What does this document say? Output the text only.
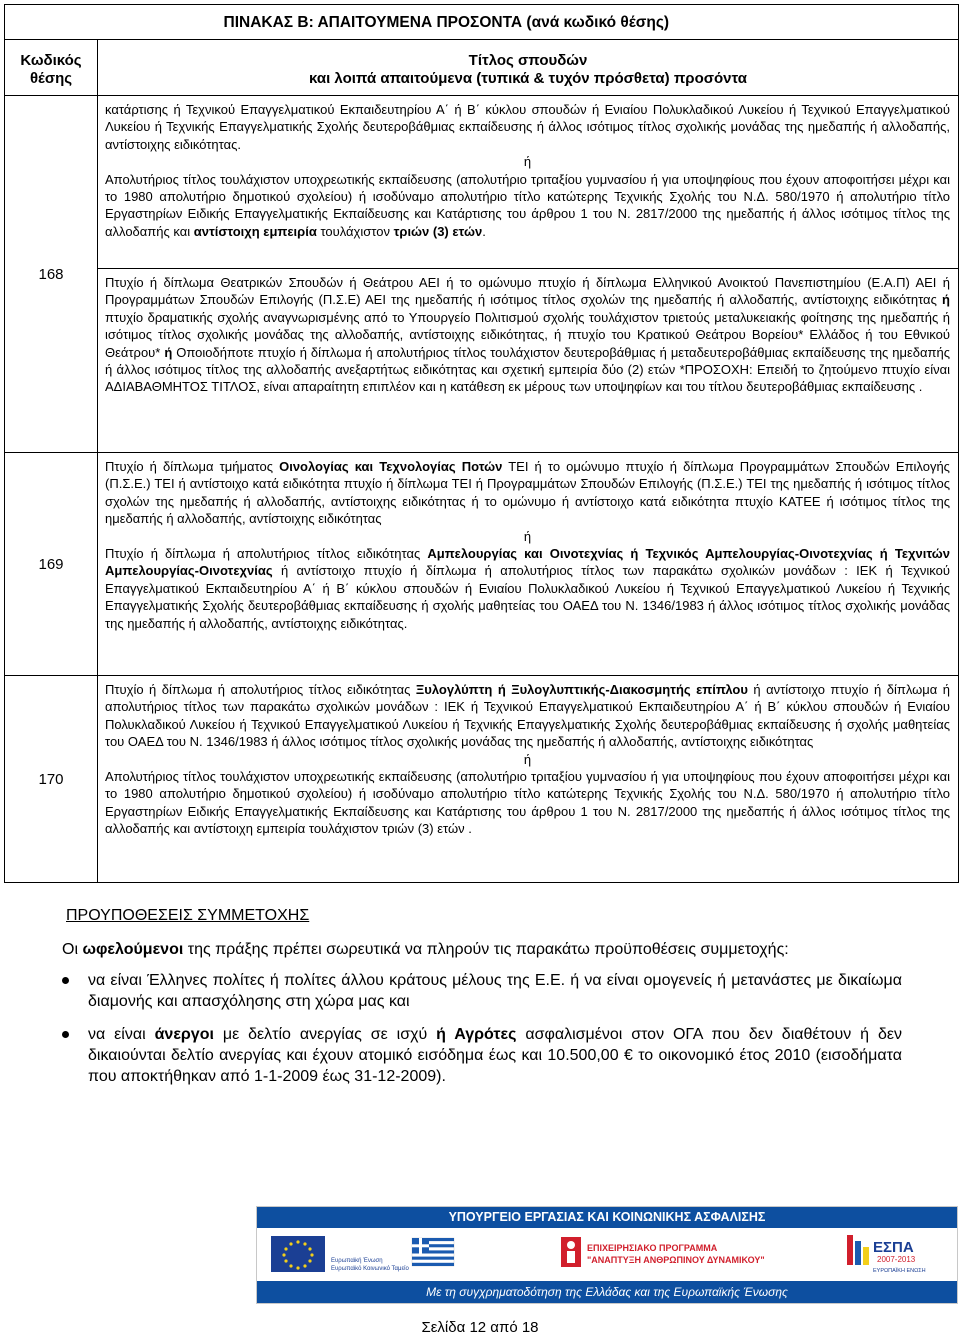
	ΠΙΝΑΚΑΣ Β: ΑΠΑΙΤΟΥΜΕΝΑ ΠΡΟΣΟΝΤΑ (ανά κωδικό θέσης)
Κωδικός
θέσης	Τίτλος σπουδών
και λοιπά απαιτούμενα (τυπικά & τυχόν πρόσθετα) προσόντα
168	κατάρτισης ή Τεχνικού Επαγγελματικού Εκπαιδευτηρίου Α΄ ή Β΄ κύκλου σπουδών ή Ενιαίου Πολυκλαδικού Λυκείου ή Τεχνικού Επαγγελματικού Λυκείου ή Τεχνικής Επαγγελματικής Σχολής δευτεροβάθμιας εκπαίδευσης ή άλλος ισότιμος τίτλος σχολικής μονάδας της ημεδαπής ή αλλοδαπής, αντίστοιχης ειδικότητας.

ή

Απολυτήριος τίτλος τουλάχιστον υποχρεωτικής εκπαίδευσης (απολυτήριο τριταξίου γυμνασίου ή για υποψηφίους που έχουν αποφοιτήσει μέχρι και το 1980 απολυτήριο δημοτικού σχολείου) ή ισοδύναμο απολυτήριο τίτλο κατώτερης Τεχνικής Σχολής του Ν.Δ. 580/1970 ή απολυτήριο τίτλο Εργαστηρίων Ειδικής Επαγγελματικής Εκπαίδευσης και Κατάρτισης του άρθρου 1 του Ν. 2817/2000 της ημεδαπής ή άλλος ισότιμος τίτλος της αλλοδαπής και αντίστοιχη εμπειρία τουλάχιστον τριών (3) ετών.

	Πτυχίο ή δίπλωμα Θεατρικών Σπουδών ή Θεάτρου ΑΕΙ ή το ομώνυμο πτυχίο ή δίπλωμα Ελληνικού Ανοικτού Πανεπιστημίου (Ε.Α.Π) ΑΕΙ ή Προγραμμάτων Σπουδών Επιλογής (Π.Σ.Ε) ΑΕΙ της ημεδαπής ή ισότιμος τίτλος σχολών της ημεδαπής ή αλλοδαπής, αντίστοιχης ειδικότητας ή πτυχίο δραματικής σχολής αναγνωρισμένης από το Υπουργείο Πολιτισμού σχολής τουλάχιστον τριετούς μεταλυκειακής φοίτησης της ημεδαπής ή ισότιμος τίτλος σχολικής μονάδας της αλλοδαπής, αντίστοιχης ειδικότητας, ή πτυχίο του Κρατικού Θεάτρου Βορείου* Ελλάδος ή του Εθνικού Θεάτρου* ή Οποιοδήποτε πτυχίο ή δίπλωμα ή απολυτήριος τίτλος τουλάχιστον δευτεροβάθμιας ή μεταδευτεροβάθμιας εκπαίδευσης της ημεδαπής ή άλλος ισότιμος τίτλος της αλλοδαπής ανεξαρτήτως ειδικότητας και σχετική εμπειρία δύο (2) ετών *ΠΡΟΣΟΧΗ: Επειδή το ζητούμενο πτυχίο είναι ΑΔΙΑΒΑΘΜΗΤΟΣ ΤΙΤΛΟΣ, είναι απαραίτητη επιπλέον και η κατάθεση εκ μέρους των υποψηφίων και του τίτλου δευτεροβάθμιας εκπαίδευσης .

169	Πτυχίο ή δίπλωμα τμήματος Οινολογίας και Τεχνολογίας Ποτών ΤΕΙ ή το ομώνυμο πτυχίο ή δίπλωμα Προγραμμάτων Σπουδών Επιλογής (Π.Σ.Ε.) ΤΕΙ ή αντίστοιχο κατά ειδικότητα πτυχίο ή δίπλωμα ΤΕΙ ή Προγραμμάτων Σπουδών Επιλογής (Π.Σ.Ε.) ΤΕΙ της ημεδαπής ή ισότιμος τίτλος σχολών της ημεδαπής ή αλλοδαπής, αντίστοιχης ειδικότητας ή το ομώνυμο ή αντίστοιχο κατά ειδικότητα πτυχίο ΚΑΤΕΕ ή ισότιμος τίτλος της ημεδαπής ή αλλοδαπής, αντίστοιχης ειδικότητας

ή

Πτυχίο ή δίπλωμα ή απολυτήριος τίτλος ειδικότητας Αμπελουργίας και Οινοτεχνίας ή Τεχνικός Αμπελουργίας-Οινοτεχνίας ή Τεχνιτών Αμπελουργίας-Οινοτεχνίας ή αντίστοιχο πτυχίο ή δίπλωμα ή απολυτήριος τίτλος των παρακάτω σχολικών μονάδων : ΙΕΚ ή Τεχνικού Επαγγελματικού Εκπαιδευτηρίου Α΄ ή Β΄ κύκλου σπουδών ή Ενιαίου Πολυκλαδικού Λυκείου ή Τεχνικού Επαγγελματικού Λυκείου ή Τεχνικής Επαγγελματικής Σχολής δευτεροβάθμιας εκπαίδευσης ή σχολής μαθητείας του ΟΑΕΔ του Ν. 1346/1983 ή άλλος ισότιμος τίτλος σχολικής μονάδας της ημεδαπής ή αλλοδαπής, αντίστοιχης ειδικότητας.

170	Πτυχίο ή δίπλωμα ή απολυτήριος τίτλος ειδικότητας Ξυλογλύπτη ή Ξυλογλυπτικής-Διακοσμητής επίπλου ή αντίστοιχο πτυχίο ή δίπλωμα ή απολυτήριος τίτλος των παρακάτω σχολικών μονάδων : ΙΕΚ ή Τεχνικού Επαγγελματικού Εκπαιδευτηρίου Α΄ ή Β΄ κύκλου σπουδών ή Ενιαίου Πολυκλαδικού Λυκείου ή Τεχνικού Επαγγελματικού Λυκείου ή Τεχνικής Επαγγελματικής Σχολής δευτεροβάθμιας εκπαίδευσης ή σχολής μαθητείας του ΟΑΕΔ του Ν. 1346/1983 ή άλλος ισότιμος τίτλος σχολικής μονάδας της ημεδαπής ή αλλοδαπής, αντίστοιχης ειδικότητας

ή

Απολυτήριος τίτλος τουλάχιστον υποχρεωτικής εκπαίδευσης (απολυτήριο τριταξίου γυμνασίου ή για υποψηφίους που έχουν αποφοιτήσει μέχρι και το 1980 απολυτήριο δημοτικού σχολείου) ή ισοδύναμο απολυτήριο τίτλο κατώτερης Τεχνικής Σχολής του Ν.Δ. 580/1970 ή απολυτήριο τίτλο Εργαστηρίων Ειδικής Επαγγελματικής Εκπαίδευσης και Κατάρτισης του άρθρου 1 του Ν. 2817/2000 της ημεδαπής ή άλλος ισότιμος τίτλος της αλλοδαπής και αντίστοιχη εμπειρία τουλάχιστον τριών (3) ετών .

ΠΡΟΥΠΟΘΕΣΕΙΣ ΣΥΜΜΕΤΟΧΗΣ

Οι ωφελούμενοι της πράξης πρέπει σωρευτικά να πληρούν τις παρακάτω προϋποθέσεις συμμετοχής:

να είναι Έλληνες πολίτες ή πολίτες άλλου κράτους μέλους της Ε.Ε. ή να είναι ομογενείς ή μετανάστες με δικαίωμα διαμονής και απασχόλησης στη χώρα μας και
να είναι άνεργοι με δελτίο ανεργίας σε ισχύ ή Αγρότες ασφαλισμένοι στον ΟΓΑ που δεν διαθέτουν ή δεν δικαιούνται δελτίο ανεργίας και έχουν ατομικό εισόδημα έως και 10.500,00 € το οικονομικό έτος 2010 (εισοδήματα που αποκτήθηκαν από 1-1-2009 έως 31-12-2009).
ΥΠΟΥΡΓΕΙΟ ΕΡΓΑΣΙΑΣ ΚΑΙ ΚΟΙΝΩΝΙΚΗΣ ΑΣΦΑΛΙΣΗΣ
Ευρωπαϊκή Ένωση
Ευρωπαϊκό Κοινωνικό Ταμείο
ΕΠΙΧΕΙΡΗΣΙΑΚΟ ΠΡΟΓΡΑΜΜΑ
"ΑΝΑΠΤΥΞΗ ΑΝΘΡΩΠΙΝΟΥ ΔΥΝΑΜΙΚΟΥ"
ΕΣΠΑ
2007-2013
ΕΥΡΩΠΑΪΚΗ ΕΝΩΣΗ
Με τη συγχρηματοδότηση της Ελλάδας και της Ευρωπαϊκής Ένωσης
Σελίδα 12 από 18
